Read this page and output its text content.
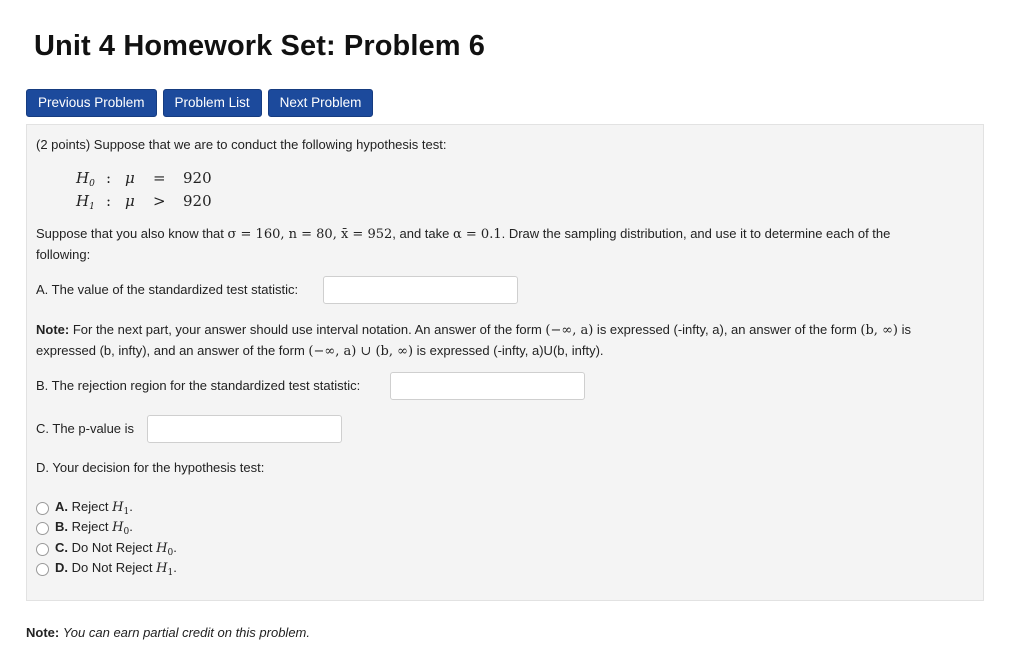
Unit 4 Homework Set: Problem 6
Previous Problem	Problem List	Next Problem
(2 points) Suppose that we are to conduct the following hypothesis test:
$H_0$ : μ = 920
$H_1$ : μ > 920
Suppose that you also know that σ = 160, n = 80, x̄ = 952, and take α = 0.1. Draw the sampling distribution, and use it to determine each of the
following:
A. The value of the standardized test statistic:
Note: For the next part, your answer should use interval notation. An answer of the form (−∞, a) is expressed (-infty, a), an answer of the form (b, ∞) is
expressed (b, infty), and an answer of the form (−∞, a) ∪ (b, ∞) is expressed (-infty, a)U(b, infty).
B. The rejection region for the standardized test statistic:
C. The p-value is
D. Your decision for the hypothesis test:
A. Reject $H_1$.
B. Reject $H_0$.
C. Do Not Reject $H_0$.
D. Do Not Reject $H_1$.
Note: You can earn partial credit on this problem.
